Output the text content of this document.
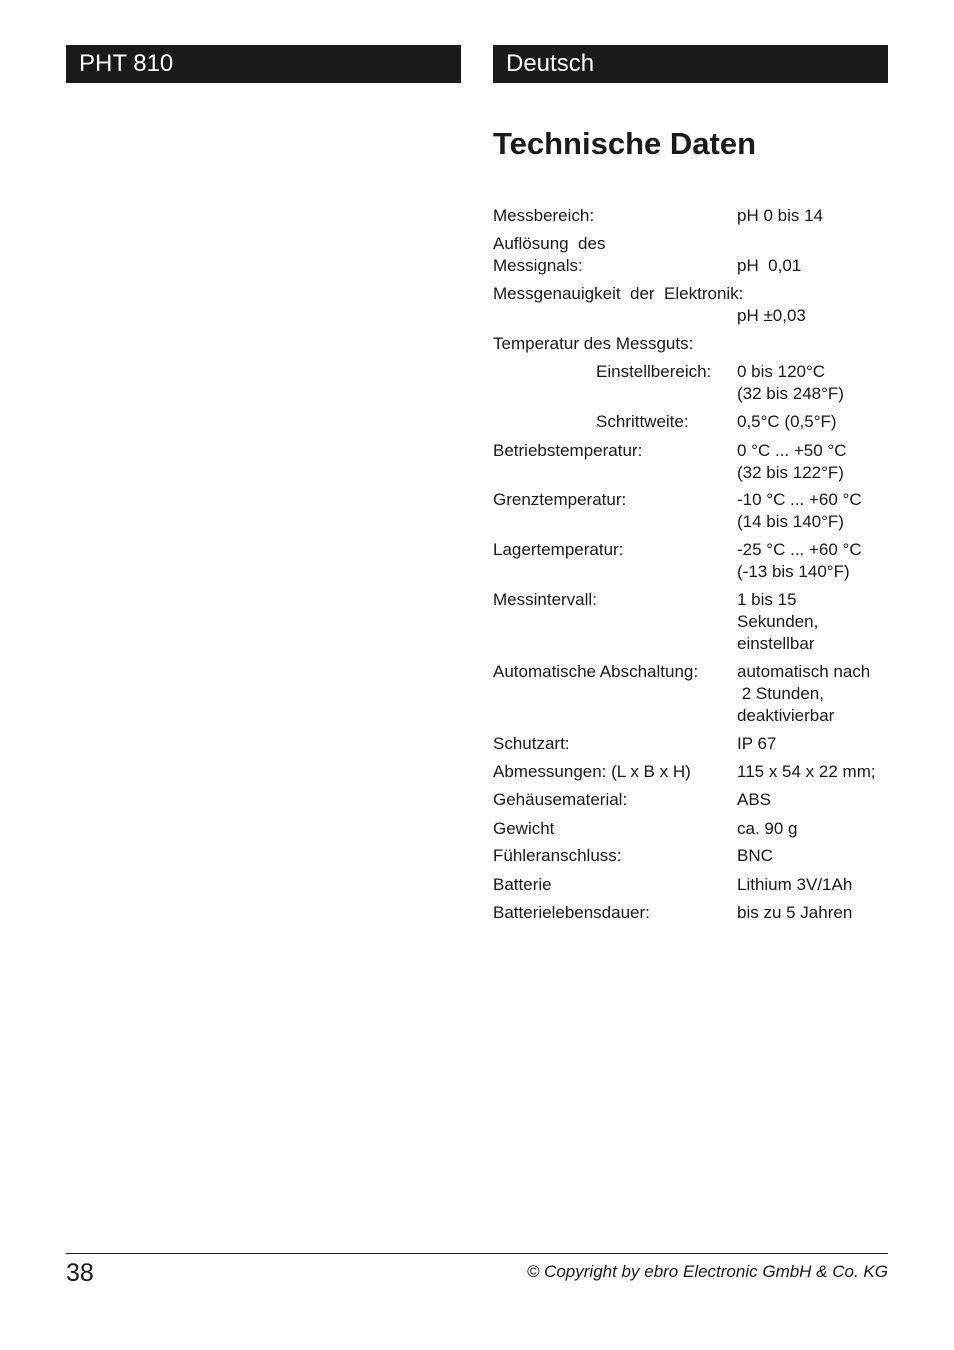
PHT 810	Deutsch
Technische Daten
Messbereich:	pH 0 bis 14
Auflösung  des
Messignals:	pH  0,01
Messgenauigkeit  der  Elektronik:
pH ±0,03
Temperatur des Messguts:
Einstellbereich: 0 bis 120°C
(32 bis 248°F)
Schrittweite:	0,5°C (0,5°F)
Betriebstemperatur:	0 °C ... +50 °C
(32 bis 122°F)
Grenztemperatur:	-10 °C ... +60 °C
(14 bis 140°F)
Lagertemperatur:	-25 °C ... +60 °C
(-13 bis 140°F)
Messintervall:	1 bis 15
Sekunden,
einstellbar
Automatische Abschaltung: automatisch nach
2 Stunden,
deaktivierbar
Schutzart:	IP 67
Abmessungen: (L x B x H)	115 x 54 x 22 mm;
Gehäusematerial:	ABS
Gewicht	ca. 90 g
Fühleranschluss:	BNC
Batterie	Lithium 3V/1Ah
Batterielebensdauer:	bis zu 5 Jahren
38	© Copyright by ebro Electronic GmbH & Co. KG
